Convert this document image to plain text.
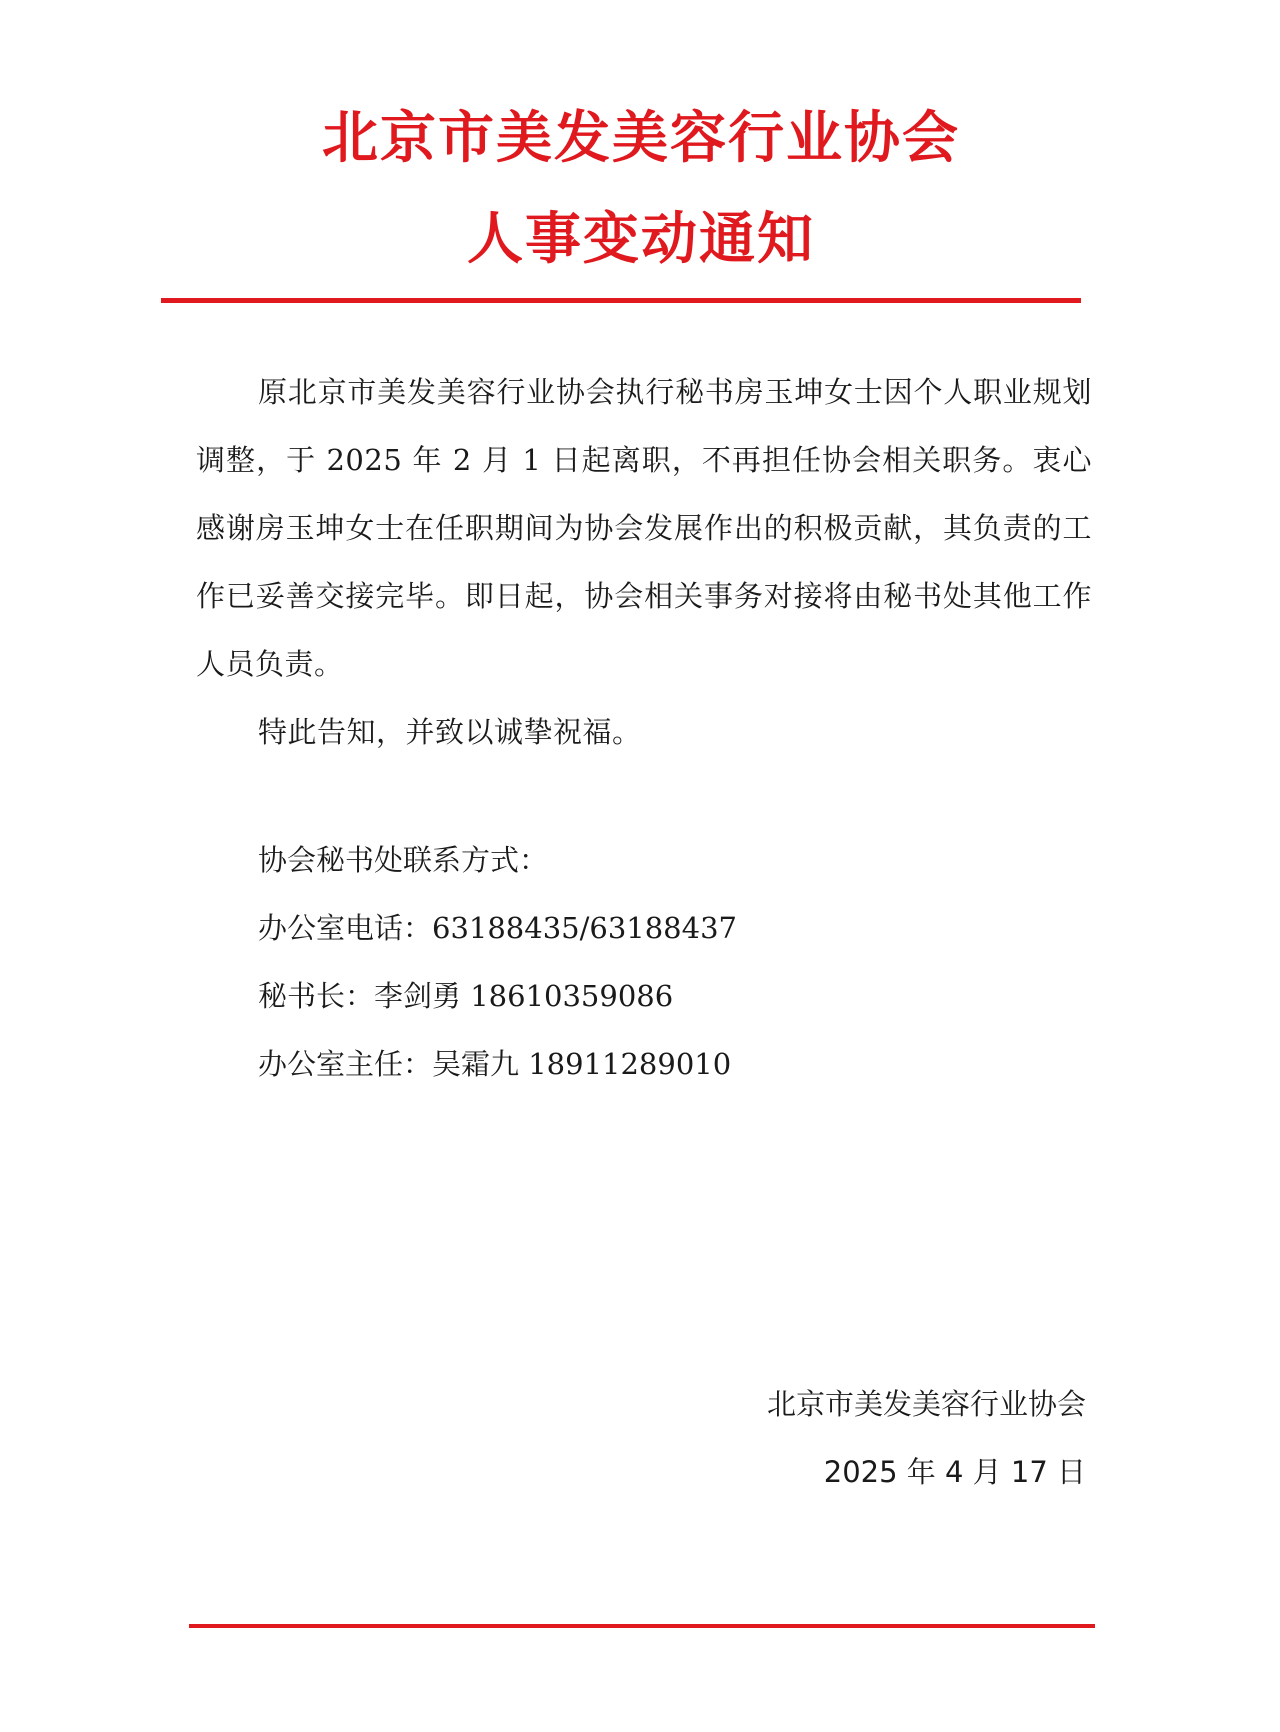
北京市美发美容行业协会
人事变动通知

原北京市美发美容行业协会执行秘书房玉坤女士因个人职业规划调整，于 2025 年 2 月 1 日起离职，不再担任协会相关职务。衷心感谢房玉坤女士在任职期间为协会发展作出的积极贡献，其负责的工作已妥善交接完毕。即日起，协会相关事务对接将由秘书处其他工作人员负责。

特此告知，并致以诚挚祝福。

协会秘书处联系方式：
办公室电话：63188435/63188437
秘书长：李剑勇 18610359086
办公室主任：吴霜九 18911289010
北京市美发美容行业协会
2025 年 4 月 17 日
